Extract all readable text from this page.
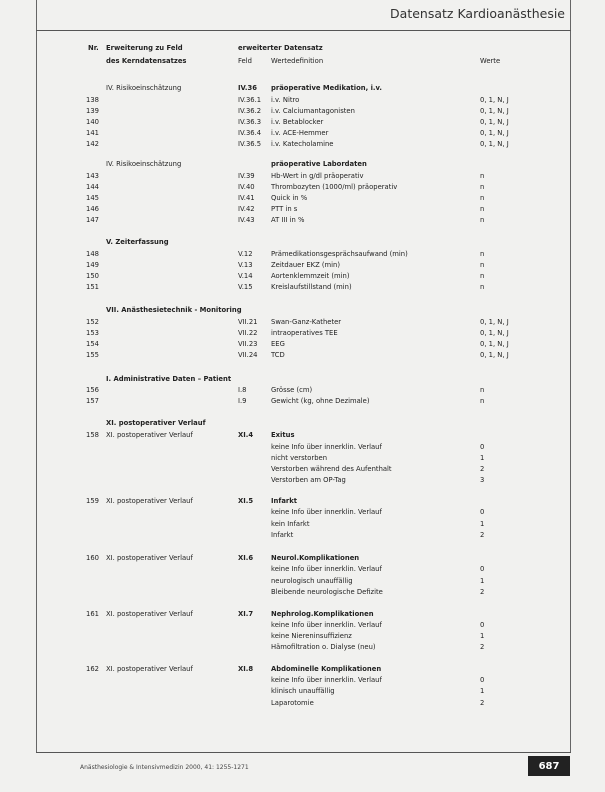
Datensatz Kardioanästhesie
Nr. Erweiterung zu Feld
des Kerndatensatzes
erweiterter Datensatz
Feld	Wertedefinition	Werte
IV. Risikoeinschätzung	IV.36 präoperative Medikation, i.v.
138	IV.36.1 i.v. Nitro	0, 1, N, J
139	IV.36.2 i.v. Calciumantagonisten	0, 1, N, J
140	IV.36.3 i.v. Betablocker	0, 1, N, J
141	IV.36.4 i.v. ACE-Hemmer	0, 1, N, J
142	IV.36.5 i.v. Katecholamine	0, 1, N, J
IV. Risikoeinschätzung	präoperative Labordaten
143	IV.39 Hb-Wert in g/dl präoperativ	n
144	IV.40 Thrombozyten (1000/ml) präoperativ	n
145	IV.41 Quick in %	n
146	IV.42 PTT in s	n
147	IV.43 AT III in %	n
V. Zeiterfassung
148	V.12	Prämedikationsgesprächsaufwand (min)	n
149	V.13	Zeitdauer EKZ (min)	n
150	V.14	Aortenklemmzeit (min)	n
151	V.15	Kreislaufstillstand (min)	n
VII. Anästhesietechnik - Monitoring
152	VII.21 Swan-Ganz-Katheter	0, 1, N, J
153	VII.22 intraoperatives TEE	0, 1, N, J
154	VII.23 EEG	0, 1, N, J
155	VII.24 TCD	0, 1, N, J
I. Administrative Daten – Patient
156	I.8	Grösse (cm)	n
157	I.9	Gewicht (kg, ohne Dezimale)	n
XI. postoperativer Verlauf
158 XI. postoperativer Verlauf	XI.4	Exitus
keine Info über innerklin. Verlauf	0
nicht verstorben	1
Verstorben während des Aufenthalt	2
Verstorben am OP-Tag	3
159 XI. postoperativer Verlauf	XI.5	Infarkt
keine Info über innerklin. Verlauf	0
kein Infarkt	1
Infarkt	2
160 XI. postoperativer Verlauf	XI.6	Neurol.Komplikationen
keine Info über innerklin. Verlauf	0
neurologisch unauffällig	1
Bleibende neurologische Defizite	2
161 XI. postoperativer Verlauf	XI.7	Nephrolog.Komplikationen
keine Info über innerklin. Verlauf	0
keine Niereninsuffizienz	1
Hämofiltration o. Dialyse (neu)	2
162 XI. postoperativer Verlauf	XI.8	Abdominelle Komplikationen
keine Info über innerklin. Verlauf	0
klinisch unauffällig	1
Laparotomie	2
Anästhesiologie & Intensivmedizin 2000, 41: 1255-1271	687
